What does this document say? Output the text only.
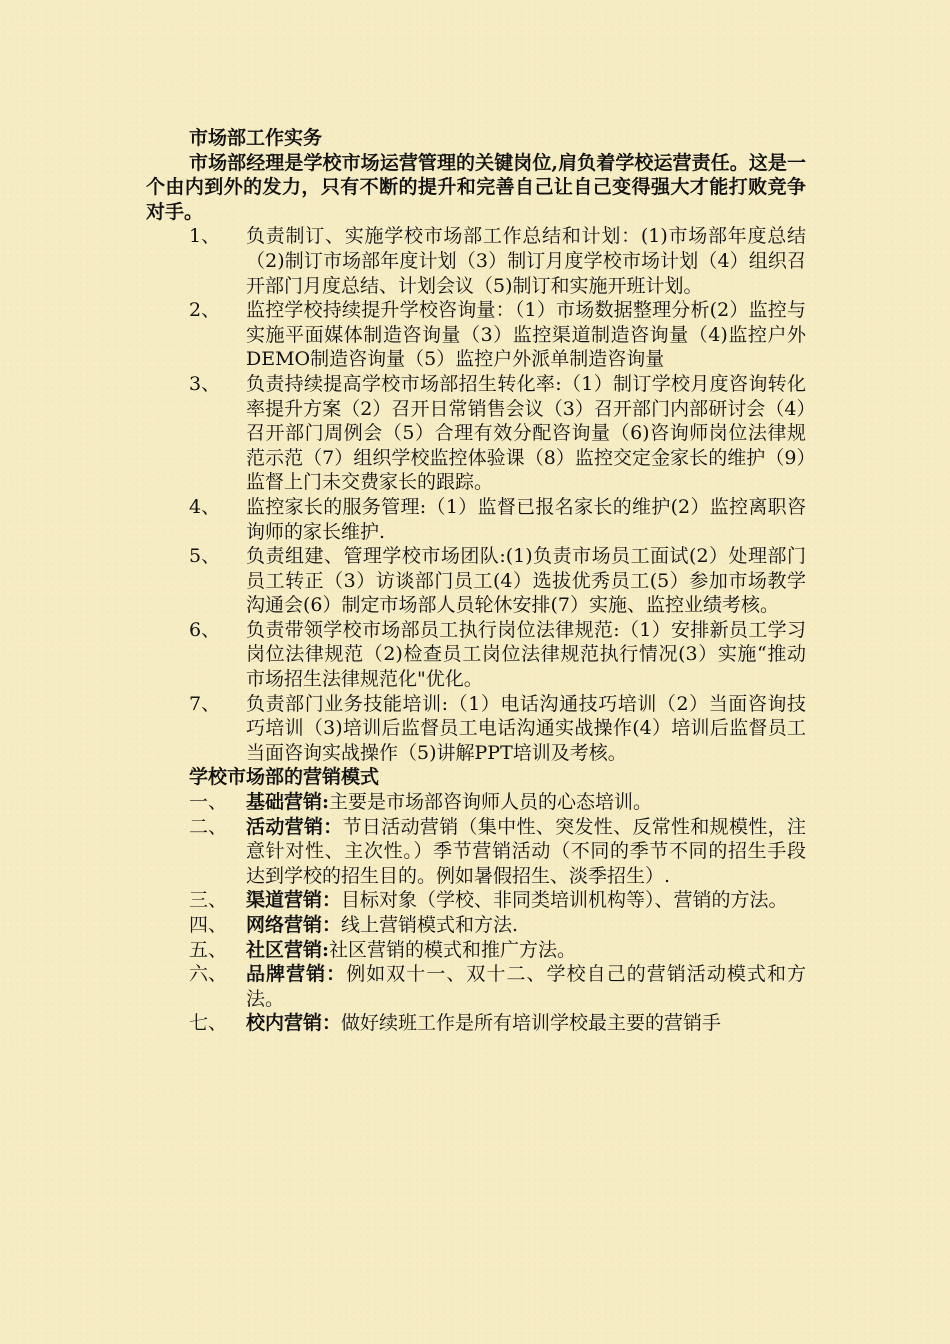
市场部工作实务
市场部经理是学校市场运营管理的关键岗位,肩负着学校运营责任。这是一个由内到外的发力，只有不断的提升和完善自己让自己变得强大才能打败竞争对手。
1、	负责制订、实施学校市场部工作总结和计划：(1)市场部年度总结（2)制订市场部年度计划（3）制订月度学校市场计划（4）组织召开部门月度总结、计划会议（5)制订和实施开班计划。
2、	监控学校持续提升学校咨询量：（1）市场数据整理分析(2）监控与实施平面媒体制造咨询量（3）监控渠道制造咨询量（4)监控户外DEMO制造咨询量（5）监控户外派单制造咨询量
3、	负责持续提高学校市场部招生转化率:（1）制订学校月度咨询转化率提升方案（2）召开日常销售会议（3）召开部门内部研讨会（4）召开部门周例会（5）合理有效分配咨询量（6)咨询师岗位法律规范示范（7）组织学校监控体验课（8）监控交定金家长的维护（9）监督上门未交费家长的跟踪。
4、	监控家长的服务管理:（1）监督已报名家长的维护(2）监控离职咨询师的家长维护.
5、	负责组建、管理学校市场团队:(1)负责市场员工面试(2）处理部门员工转正（3）访谈部门员工(4）选拔优秀员工(5）参加市场教学沟通会(6）制定市场部人员轮休安排(7）实施、监控业绩考核。
6、	负责带领学校市场部员工执行岗位法律规范:（1）安排新员工学习岗位法律规范（2)检查员工岗位法律规范执行情况(3）实施“推动市场招生法律规范化"优化。
7、	负责部门业务技能培训:（1）电话沟通技巧培训（2）当面咨询技巧培训（3)培训后监督员工电话沟通实战操作(4）培训后监督员工当面咨询实战操作（5)讲解PPT培训及考核。
学校市场部的营销模式
一、 基础营销:主要是市场部咨询师人员的心态培训。
二、 活动营销：节日活动营销（集中性、突发性、反常性和规模性，注意针对性、主次性。）季节营销活动（不同的季节不同的招生手段达到学校的招生目的。例如暑假招生、淡季招生）.
三、 渠道营销：目标对象（学校、非同类培训机构等）、营销的方法。
四、 网络营销：线上营销模式和方法.
五、 社区营销:社区营销的模式和推广方法。
六、 品牌营销：例如双十一、双十二、学校自己的营销活动模式和方法。
七、 校内营销：做好续班工作是所有培训学校最主要的营销手
